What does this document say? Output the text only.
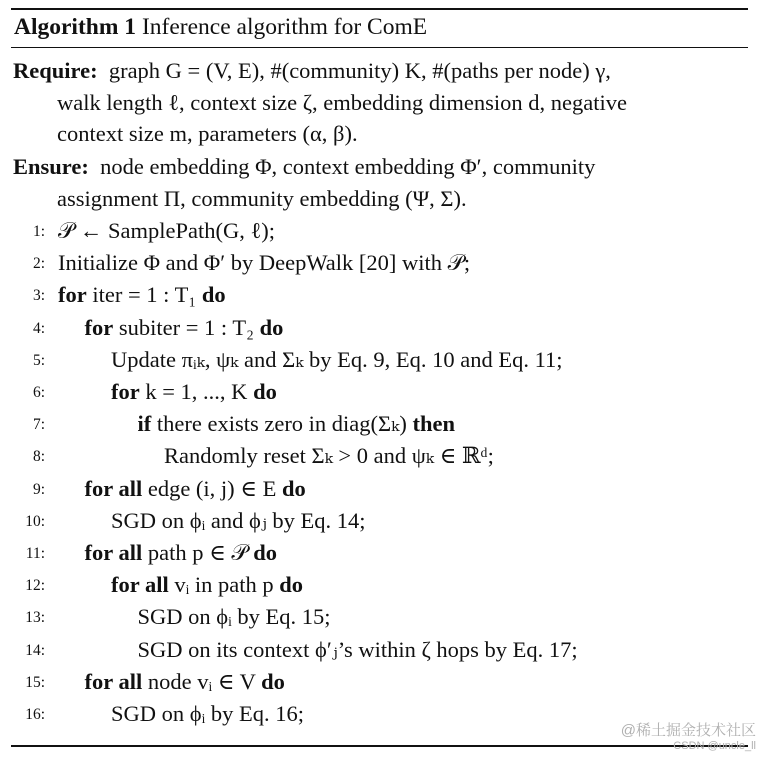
Algorithm 1 Inference algorithm for ComE
Require: graph G = (V, E), #(community) K, #(paths per node) γ,
walk length ℓ, context size ζ, embedding dimension d, negative
context size m, parameters (α, β).
Ensure: node embedding Φ, context embedding Φ′, community
assignment Π, community embedding (Ψ, Σ).
1: 𝒫 ← SamplePath(G, ℓ);
2: Initialize Φ and Φ′ by DeepWalk [20] with 𝒫;
3: for iter = 1 : T₁ do
4: for subiter = 1 : T₂ do
5:	Update πᵢₖ, ψₖ and Σₖ by Eq. 9, Eq. 10 and Eq. 11;
6:	for k = 1, ..., K do
7:	if there exists zero in diag(Σₖ) then
8:	Randomly reset Σₖ > 0 and ψₖ ∈ ℝᵈ;
9: for all edge (i, j) ∈ E do
10:	SGD on ϕᵢ and ϕⱼ by Eq. 14;
11: for all path p ∈ 𝒫 do
12:	for all vᵢ in path p do
13:	SGD on ϕᵢ by Eq. 15;
14:	SGD on its context ϕ′ⱼ’s within ζ hops by Eq. 17;
15: for all node vᵢ ∈ V do
16:	SGD on ϕᵢ by Eq. 16;
@稀土掘金技术社区
CSDN @uncle_ll
